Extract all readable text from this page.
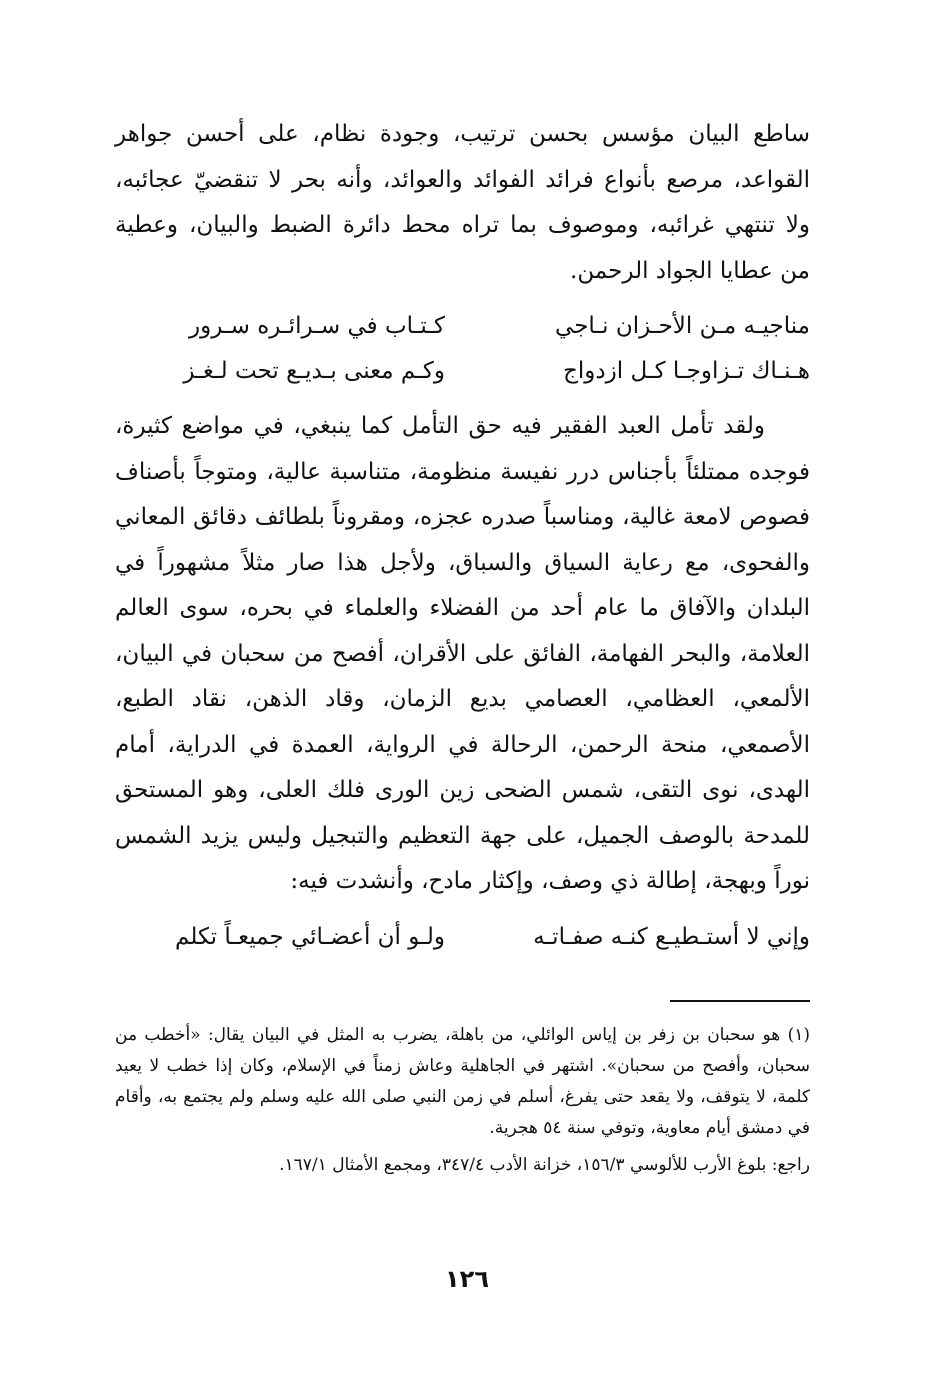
ساطع البيان مؤسس بحسن ترتيب، وجودة نظام، على أحسن جواهر القواعد، مرصع بأنواع فرائد الفوائد والعوائد، وأنه بحر لا تنقضيّ عجائبه، ولا تنتهي غرائبه، وموصوف بما تراه محط دائرة الضبط والبيان، وعطية من عطايا الجواد الرحمن.

مناجيـه مـن الأحـزان نـاجي
كـتـاب في سـرائـره سـرور
هـنـاك تـزاوجـا كـل ازدواج
وكـم معنى بـديـع تحت لـغـز

ولقد تأمل العبد الفقير فيه حق التأمل كما ينبغي، في مواضع كثيرة، فوجده ممتلئاً بأجناس درر نفيسة منظومة، متناسبة عالية، ومتوجاً بأصناف فصوص لامعة غالية، ومناسباً صدره عجزه، ومقروناً بلطائف دقائق المعاني والفحوى، مع رعاية السياق والسباق، ولأجل هذا صار مثلاً مشهوراً في البلدان والآفاق ما عام أحد من الفضلاء والعلماء في بحره، سوى العالم العلامة، والبحر الفهامة، الفائق على الأقران، أفصح من سحبان في البيان، الألمعي، العظامي، العصامي بديع الزمان، وقاد الذهن، نقاد الطبع، الأصمعي، منحة الرحمن، الرحالة في الرواية، العمدة في الدراية، أمام الهدى، نوى التقى، شمس الضحى زين الورى فلك العلى، وهو المستحق للمدحة بالوصف الجميل، على جهة التعظيم والتبجيل وليس يزيد الشمس نوراً وبهجة، إطالة ذي وصف، وإكثار مادح، وأنشدت فيه:

وإني لا أستـطيـع كنـه صفـاتـه
ولـو أن أعضـائي جميعـاً تكلم

(١) هو سحبان بن زفر بن إياس الوائلي، من باهلة، يضرب به المثل في البيان يقال: «أخطب من سحبان، وأفصح من سحبان». اشتهر في الجاهلية وعاش زمناً في الإسلام، وكان إذا خطب لا يعيد كلمة، لا يتوقف، ولا يقعد حتى يفرغ، أسلم في زمن النبي صلى الله عليه وسلم ولم يجتمع به، وأقام في دمشق أيام معاوية، وتوفي سنة ٥٤ هجرية.

راجع: بلوغ الأرب للألوسي ١٥٦/٣، خزانة الأدب ٣٤٧/٤، ومجمع الأمثال ١٦٧/١.

١٢٦
